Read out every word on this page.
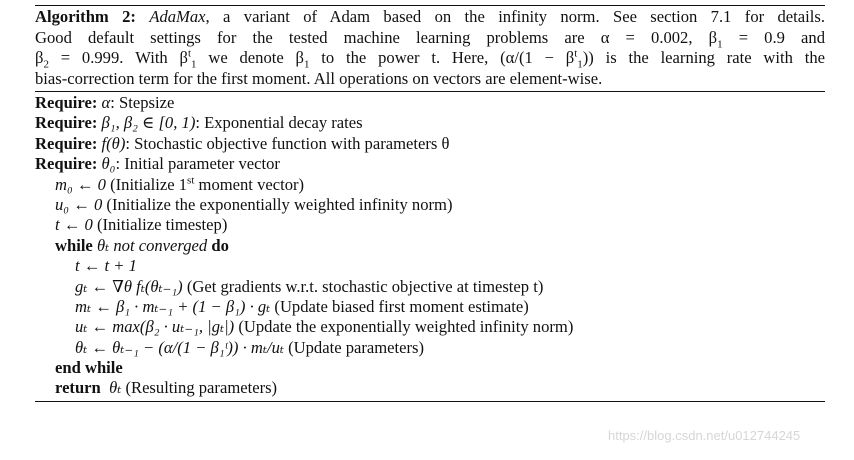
Algorithm 2: AdaMax, a variant of Adam based on the infinity norm. See section 7.1 for details.
Good default settings for the tested machine learning problems are α = 0.002, $\beta_1 = 0.9$ and
$\beta_2 = 0.999$. With $\beta^t_1$ we denote $\beta_1$ to the power t. Here, $(\alpha/(1 - \beta^t_1))$ is the learning rate with the
bias-correction term for the first moment. All operations on vectors are element-wise.
Require: α: Stepsize
Require: β₁, β₂ ∈ [0, 1): Exponential decay rates
Require: f(θ): Stochastic objective function with parameters θ
Require: θ₀: Initial parameter vector
m₀ ← 0 (Initialize 1st moment vector)
u₀ ← 0 (Initialize the exponentially weighted infinity norm)
t ← 0 (Initialize timestep)
while θₜ not converged do
t ← t + 1
gₜ ← ∇θ fₜ(θₜ₋₁) (Get gradients w.r.t. stochastic objective at timestep t)
mₜ ← β₁ · mₜ₋₁ + (1 − β₁) · gₜ (Update biased first moment estimate)
uₜ ← max(β₂ · uₜ₋₁, |gₜ|) (Update the exponentially weighted infinity norm)
θₜ ← θₜ₋₁ − (α/(1 − β₁ᵗ)) · mₜ/uₜ (Update parameters)
end while
return θₜ (Resulting parameters)
https://blog.csdn.net/u012744245
